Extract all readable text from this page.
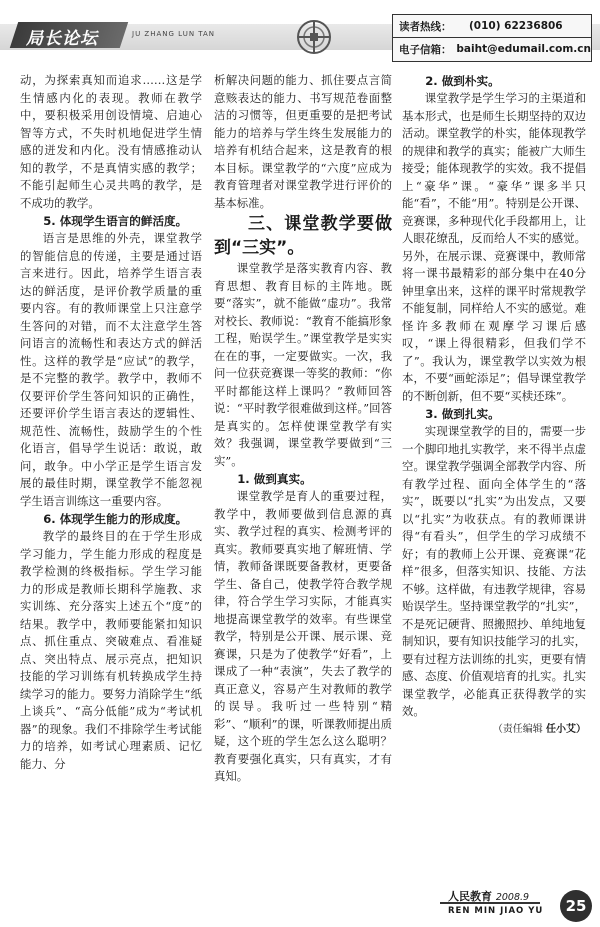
局长论坛	JU ZHANG LUN TAN
读者热线：	(010) 62236806
电子信箱： baiht@edumail.com.cn

动，为探索真知而追求……这是学生情感内化的表现。教师在教学中，要积极采用创设情境、启迪心智等方式，不失时机地促进学生情感的迸发和内化。没有情感推动认知的教学，不是真情实感的教学；不能引起师生心灵共鸣的教学，是不成功的教学。

5. 体现学生语言的鲜活度。

语言是思维的外壳，课堂教学的智能信息的传递，主要是通过语言来进行。因此，培养学生语言表达的鲜活度，是评价教学质量的重要内容。有的教师课堂上只注意学生答问的对错，而不太注意学生答问语言的流畅性和表达方式的鲜活性。这样的教学是“应试”的教学，是不完整的教学。教学中，教师不仅要评价学生答问知识的正确性，还要评价学生语言表达的逻辑性、规范性、流畅性，鼓励学生的个性化语言，倡导学生说话：敢说，敢问，敢争。中小学正是学生语言发展的最佳时期，课堂教学不能忽视学生语言训练这一重要内容。

6. 体现学生能力的形成度。

教学的最终目的在于学生形成学习能力，学生能力形成的程度是教学检测的终极指标。学生学习能力的形成是教师长期科学施教、求实训练、充分落实上述五个“度”的结果。教学中，教师要能紧扣知识点、抓住重点、突破难点、看准疑点、突出特点、展示亮点，把知识技能的学习训练有机转换成学生持续学习的能力。要努力消除学生“纸上谈兵”、“高分低能”成为“考试机器”的现象。我们不排除学生考试能力的培养，如考试心理素质、记忆能力、分

析解决问题的能力、抓住要点言简意赅表达的能力、书写规范卷面整洁的习惯等，但更重要的是把考试能力的培养与学生终生发展能力的培养有机结合起来，这是教育的根本目标。课堂教学的“六度”应成为教育管理者对课堂教学进行评价的基本标准。

三、课堂教学要做到“三实”。

课堂教学是落实教育内容、教育思想、教育目标的主阵地。既要“落实”，就不能做“虚功”。我常对校长、教师说：“教育不能搞形象工程，贻误学生。”课堂教学是实实在在的事，一定要做实。一次，我问一位获竞赛课一等奖的教师：“你平时都能这样上课吗？”教师回答说：“平时教学很难做到这样。”回答是真实的。怎样使课堂教学有实效？我强调，课堂教学要做到“三实”。

1. 做到真实。

课堂教学是育人的重要过程，教学中，教师要做到信息源的真实、教学过程的真实、检测考评的真实。教师要真实地了解班情、学情，教师备课既要备教材，更要备学生、备自己，使教学符合教学规律，符合学生学习实际，才能真实地提高课堂教学的效率。有些课堂教学，特别是公开课、展示课、竞赛课，只是为了使教学“好看”，上课成了一种“表演”，失去了教学的真正意义，容易产生对教师的教学的误导。我听过一些特别“精彩”、“顺利”的课，听课教师提出质疑，这个班的学生怎么这么聪明？教育要强化真实，只有真实，才有真知。

2. 做到朴实。

课堂教学是学生学习的主渠道和基本形式，也是师生长期坚持的双边活动。课堂教学的朴实，能体现教学的规律和教学的真实；能被广大师生接受；能体现教学的实效。我不提倡上“豪华”课。“豪华”课多半只能“看”，不能“用”。特别是公开课、竞赛课，多种现代化手段都用上，让人眼花缭乱，反而给人不实的感觉。另外，在展示课、竞赛课中，教师常将一课书最精彩的部分集中在40分钟里拿出来，这样的课平时常规教学不能复制，同样给人不实的感觉。难怪许多教师在观摩学习课后感叹，“课上得很精彩，但我们学不了”。我认为，课堂教学以实效为根本，不要“画蛇添足”；倡导课堂教学的不断创新，但不要“买椟还珠”。

3. 做到扎实。

实现课堂教学的目的，需要一步一个脚印地扎实教学，来不得半点虚空。课堂教学强调全部教学内容、所有教学过程、面向全体学生的“落实”，既要以“扎实”为出发点，又要以“扎实”为收获点。有的教师课讲得“有看头”，但学生的学习成绩不好；有的教师上公开课、竞赛课“花样”很多，但落实知识、技能、方法不够。这样做，有违教学规律，容易贻误学生。坚持课堂教学的“扎实”，不是死记硬背、照搬照抄、单纯地复制知识，要有知识技能学习的扎实，要有过程方法训练的扎实，更要有情感、态度、价值观培育的扎实。扎实课堂教学，必能真正获得教学的实效。

（责任编辑 任小艾）

人民教育 2008.9
REN MIN JIAO YU	25
